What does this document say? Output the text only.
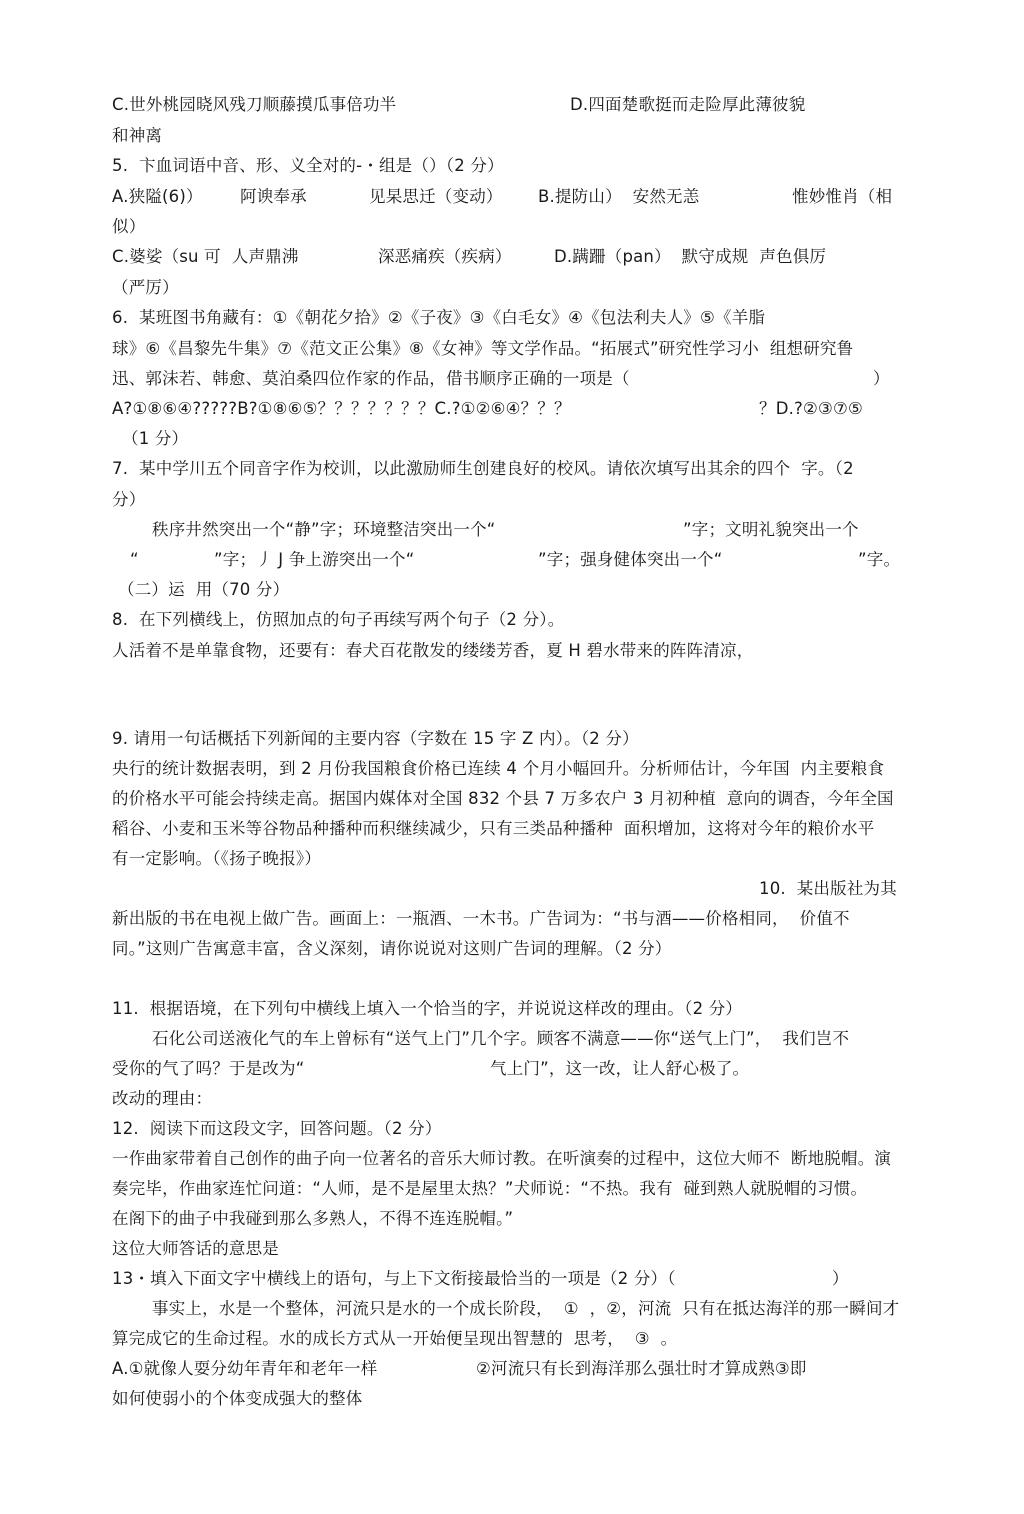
C.世外桃园晓风残刀顺藤摸瓜事倍功半	D.四面楚歌挺而走险厚此薄彼貌
和神离
5.  卞血词语中音、形、义全对的-・组是（）（2 分）
A.狭隘(6)） 阿谀奉承	见杲思迁（变动） B.提防山）  安然无恙	惟妙惟肖（相
似）
C.婆娑（su 可  人声鼎沸	深恶痛疾（疾病）	D.蹒跚（pan）  默守成规  声色俱厉
（严厉）
6.  某班图书角藏有：①《朝花夕拾》②《子夜》③《白毛女》④《包法利夫人》⑤《羊脂
球》⑥《昌黎先牛集》⑦《范文正公集》⑧《女神》等文学作品。“拓展式”研究性学习小  组想研究鲁
迅、郭沫若、韩愈、莫泊桑四位作家的作品，借书顺序正确的一项是（	）
A?①⑧⑥④?????B?①⑧⑥⑤？？？？？？？C.?①②⑥④？？？	？D.?②③⑦⑤
（1 分）
7.  某中学川五个同音字作为校训，以此激励师生创建良好的校风。请依次填写出其余的四个  字。（2
分）
秩序井然突出一个“静”字；环境整洁突出一个“	”字；文明礼貌突出一个
“	”字；丿 J 争上游突出一个“	”字；强身健体突出一个“	”字。
（二）运  用（70 分）
8.  在下列横线上，仿照加点的句子再续写两个句子（2 分）。
人活着不是单靠食物，还要有：春犬百花散发的缕缕芳香，夏 H 碧水带来的阵阵清凉，
9. 请用一句话概括下列新闻的主要内容（字数在 15 字 Z 内）。（2 分）
央行的统计数据表明，到 2 月份我国粮食价格已连续 4 个月小幅回升。分析师估计，今年国  内主要粮食
的价格水平可能会持续走高。据国内媒体对全国 832 个县 7 万多农户 3 月初种植  意向的调杳，今年全国
稻谷、小麦和玉米等谷物品种播种而积继续减少，只有三类品种播种  面积增加，这将对今年的粮价水平
有一定影响。（《扬子晚报》）
10.  某出版社为其
新出版的书在电视上做广告。画面上：一瓶酒、一木书。广告词为：“书与酒——价格相同，  价值不
同。”这则广告寓意丰富，含义深刻，请你说说对这则广告词的理解。（2 分）
11.  根据语境，在下列句中横线上填入一个恰当的字，并说说这样改的理由。（2 分）
石化公司送液化气的车上曾标有“送气上门”几个字。顾客不满意——你“送气上门”，  我们岂不
受你的气了吗？于是改为“	气上门”，这一改，让人舒心极了。
改动的理由：
12.  阅读下而这段文字，回答问题。（2 分）
一作曲家带着自己创作的曲子向一位著名的音乐大师讨教。在听演奏的过程中，这位大师不  断地脱帽。演
奏完毕，作曲家连忙问道：“人师，是不是屋里太热？”犬师说：“不热。我有  碰到熟人就脱帽的习惯。
在阁下的曲子中我碰到那么多熟人，不得不连连脱帽。”
这位大师答话的意思是
13・填入下面文字屮横线上的语句，与上下文衔接最恰当的一项是（2 分）（	）
事实上，水是一个整体，河流只是水的一个成长阶段，  ①  ，②，河流  只有在抵达海洋的那一瞬间才
算完成它的生命过程。水的成长方式从一开始便呈现出智慧的  思考，  ③  。
A.①就像人耍分幼年青年和老年一样	②河流只有长到海洋那么强壮时才算成熟③即
如何使弱小的个体变成强大的整体
